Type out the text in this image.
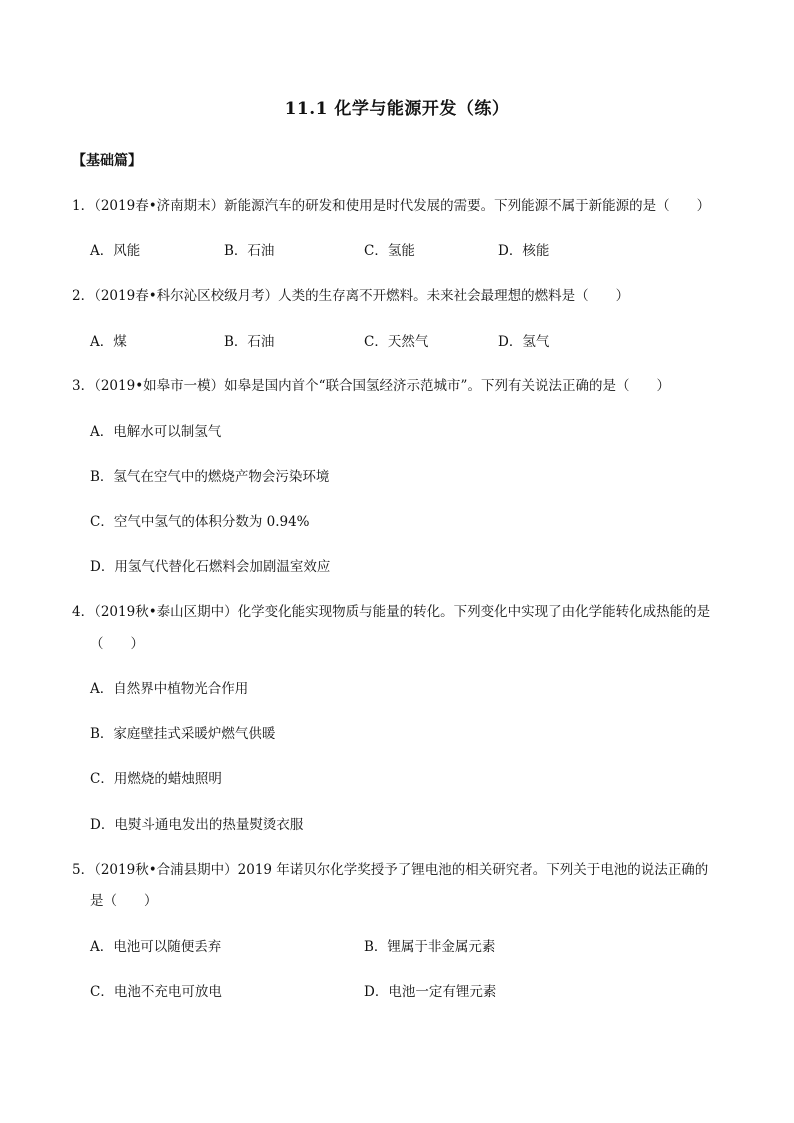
11.1 化学与能源开发（练）
【基础篇】
1．（2019春•济南期末）新能源汽车的研发和使用是时代发展的需要。下列能源不属于新能源的是（　　）
A．风能	B．石油	C．氢能	D．核能
2．（2019春•科尔沁区校级月考）人类的生存离不开燃料。未来社会最理想的燃料是（　　）
A．煤	B．石油	C．天然气	D．氢气
3．（2019•如皋市一模）如皋是国内首个“联合国氢经济示范城市”。下列有关说法正确的是（　　）
A．电解水可以制氢气
B．氢气在空气中的燃烧产物会污染环境
C．空气中氢气的体积分数为 0.94%
D．用氢气代替化石燃料会加剧温室效应
4．（2019秋•泰山区期中）化学变化能实现物质与能量的转化。下列变化中实现了由化学能转化成热能的是
（　　）
A．自然界中植物光合作用
B．家庭壁挂式采暖炉燃气供暖
C．用燃烧的蜡烛照明
D．电熨斗通电发出的热量熨烫衣服
5．（2019秋•合浦县期中）2019 年诺贝尔化学奖授予了锂电池的相关研究者。下列关于电池的说法正确的
是（　　）
A．电池可以随便丢弃	B．锂属于非金属元素
C．电池不充电可放电	D．电池一定有锂元素
